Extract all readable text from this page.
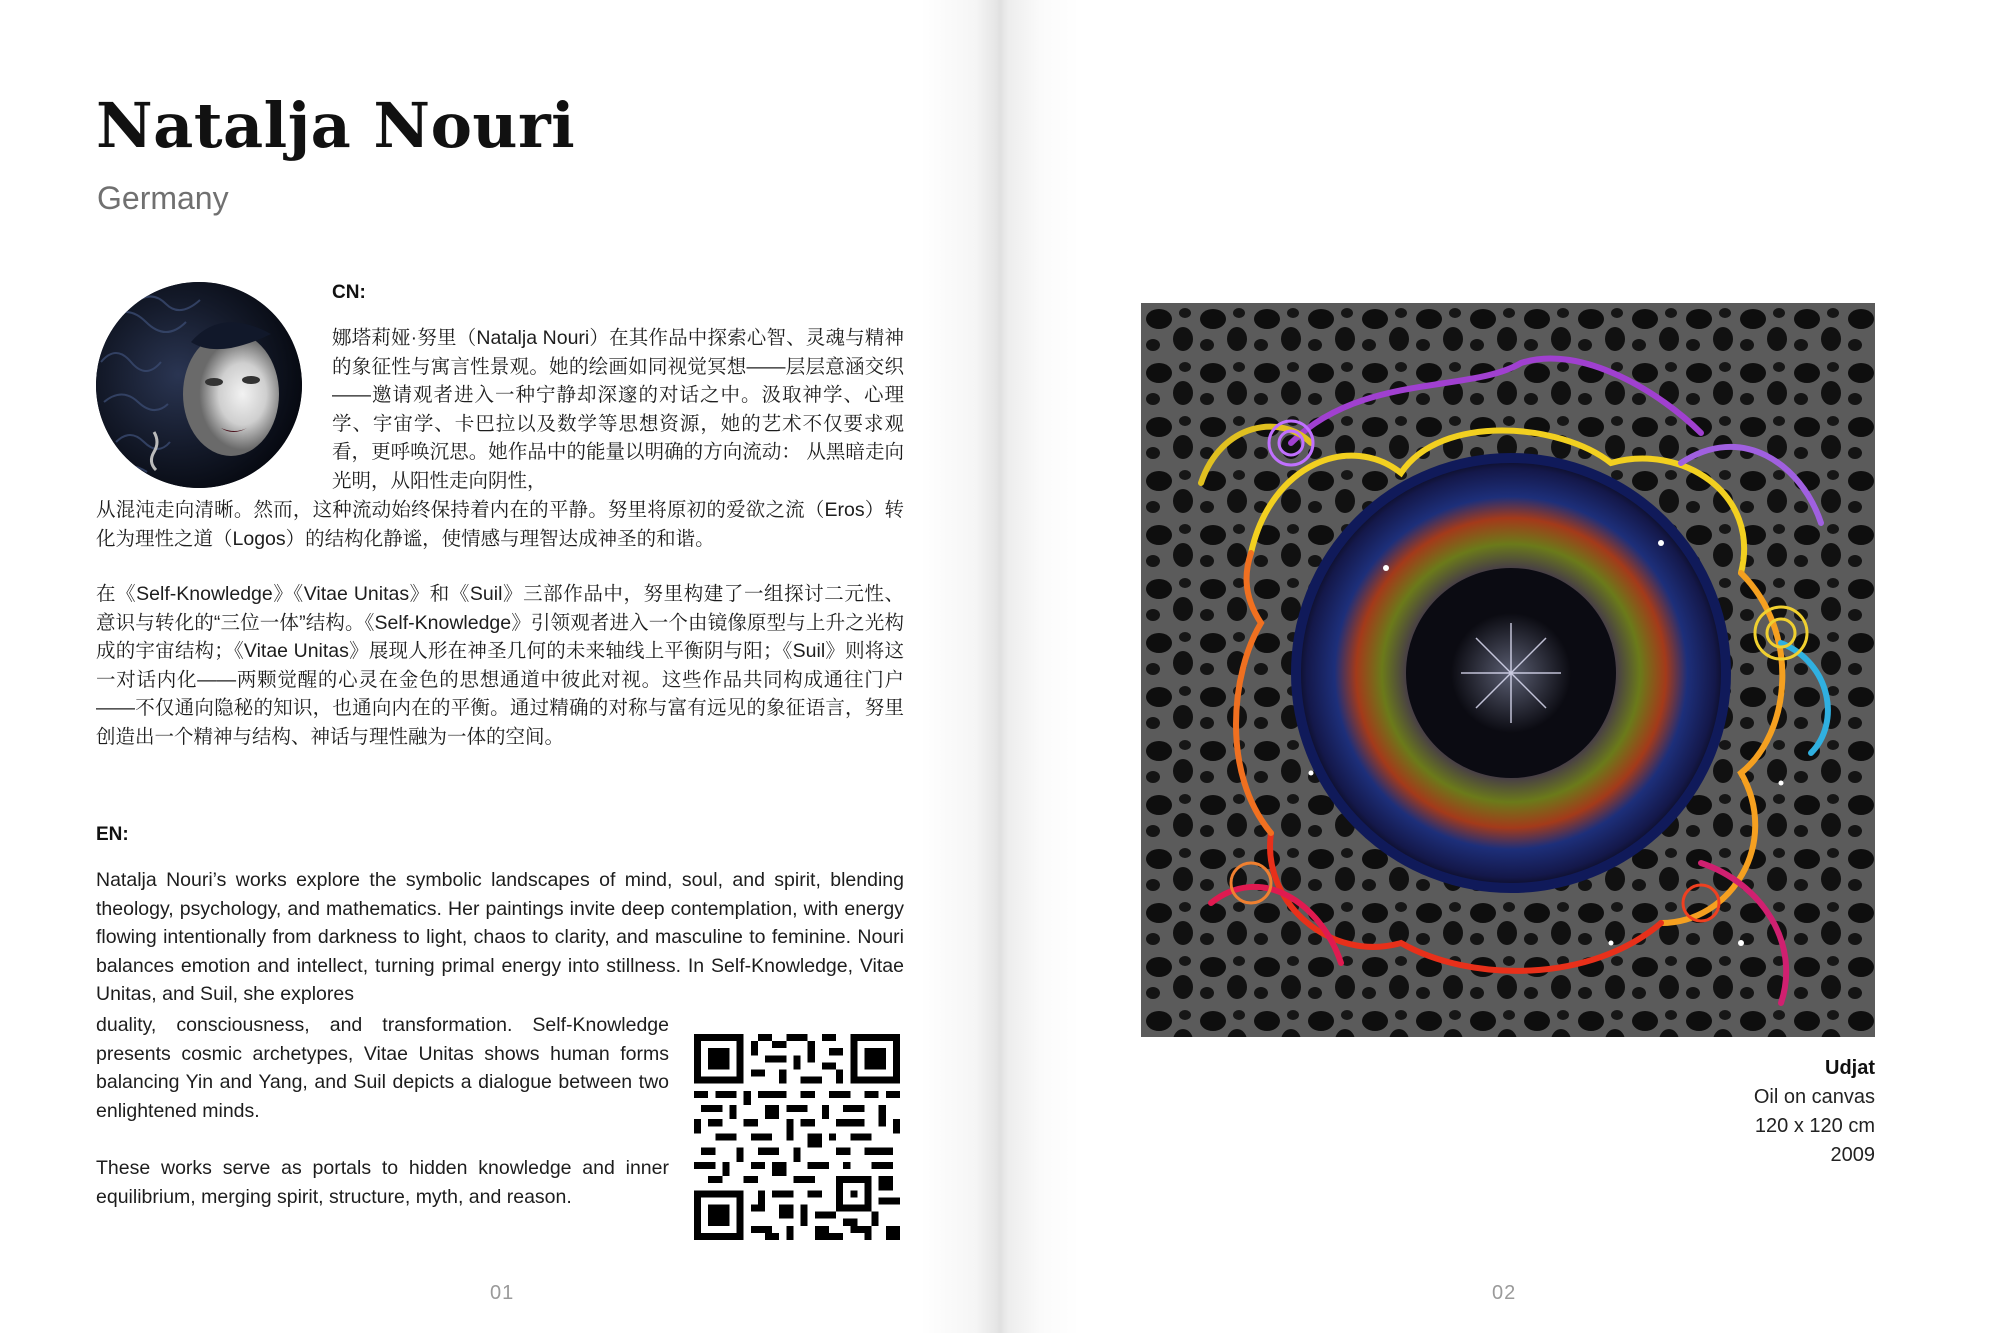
Natalja Nouri

Germany

CN:

娜塔莉娅·努里（Natalja Nouri）在其作品中探索心智、灵魂与精神的象征性与寓言性景观。她的绘画如同视觉冥想——层层意涵交织——邀请观者进入一种宁静却深邃的对话之中。汲取神学、心理学、宇宙学、卡巴拉以及数学等思想资源，她的艺术不仅要求观看，更呼唤沉思。她作品中的能量以明确的方向流动： 从黑暗走向光明，从阳性走向阴性，

从混沌走向清晰。然而，这种流动始终保持着内在的平静。努里将原初的爱欲之流（Eros）转化为理性之道（Logos）的结构化静谧，使情感与理智达成神圣的和谐。

在《Self-Knowledge》《Vitae Unitas》和《Suil》三部作品中，努里构建了一组探讨二元性、意识与转化的“三位一体”结构。《Self-Knowledge》引领观者进入一个由镜像原型与上升之光构成的宇宙结构；《Vitae Unitas》展现人形在神圣几何的未来轴线上平衡阴与阳；《Suil》则将这一对话内化——两颗觉醒的心灵在金色的思想通道中彼此对视。这些作品共同构成通往门户——不仅通向隐秘的知识，也通向内在的平衡。通过精确的对称与富有远见的象征语言，努里创造出一个精神与结构、神话与理性融为一体的空间。

EN:

Natalja Nouri’s works explore the symbolic landscapes of mind, soul, and spirit, blending theology, psychology, and mathematics. Her paintings invite deep contemplation, with energy flowing intentionally from darkness to light, chaos to clarity, and masculine to feminine. Nouri balances emotion and intellect, turning primal energy into stillness. In Self-Knowledge, Vitae Unitas, and Suil, she explores

duality, consciousness, and transformation. Self-Knowledge presents cosmic archetypes, Vitae Unitas shows human forms balancing Yin and Yang, and Suil depicts a dialogue between two enlightened minds.

These works serve as portals to hidden knowledge and inner equilibrium, merging spirit, structure, myth, and reason.

01

Udjat
Oil on canvas
120 x 120 cm
2009

02
